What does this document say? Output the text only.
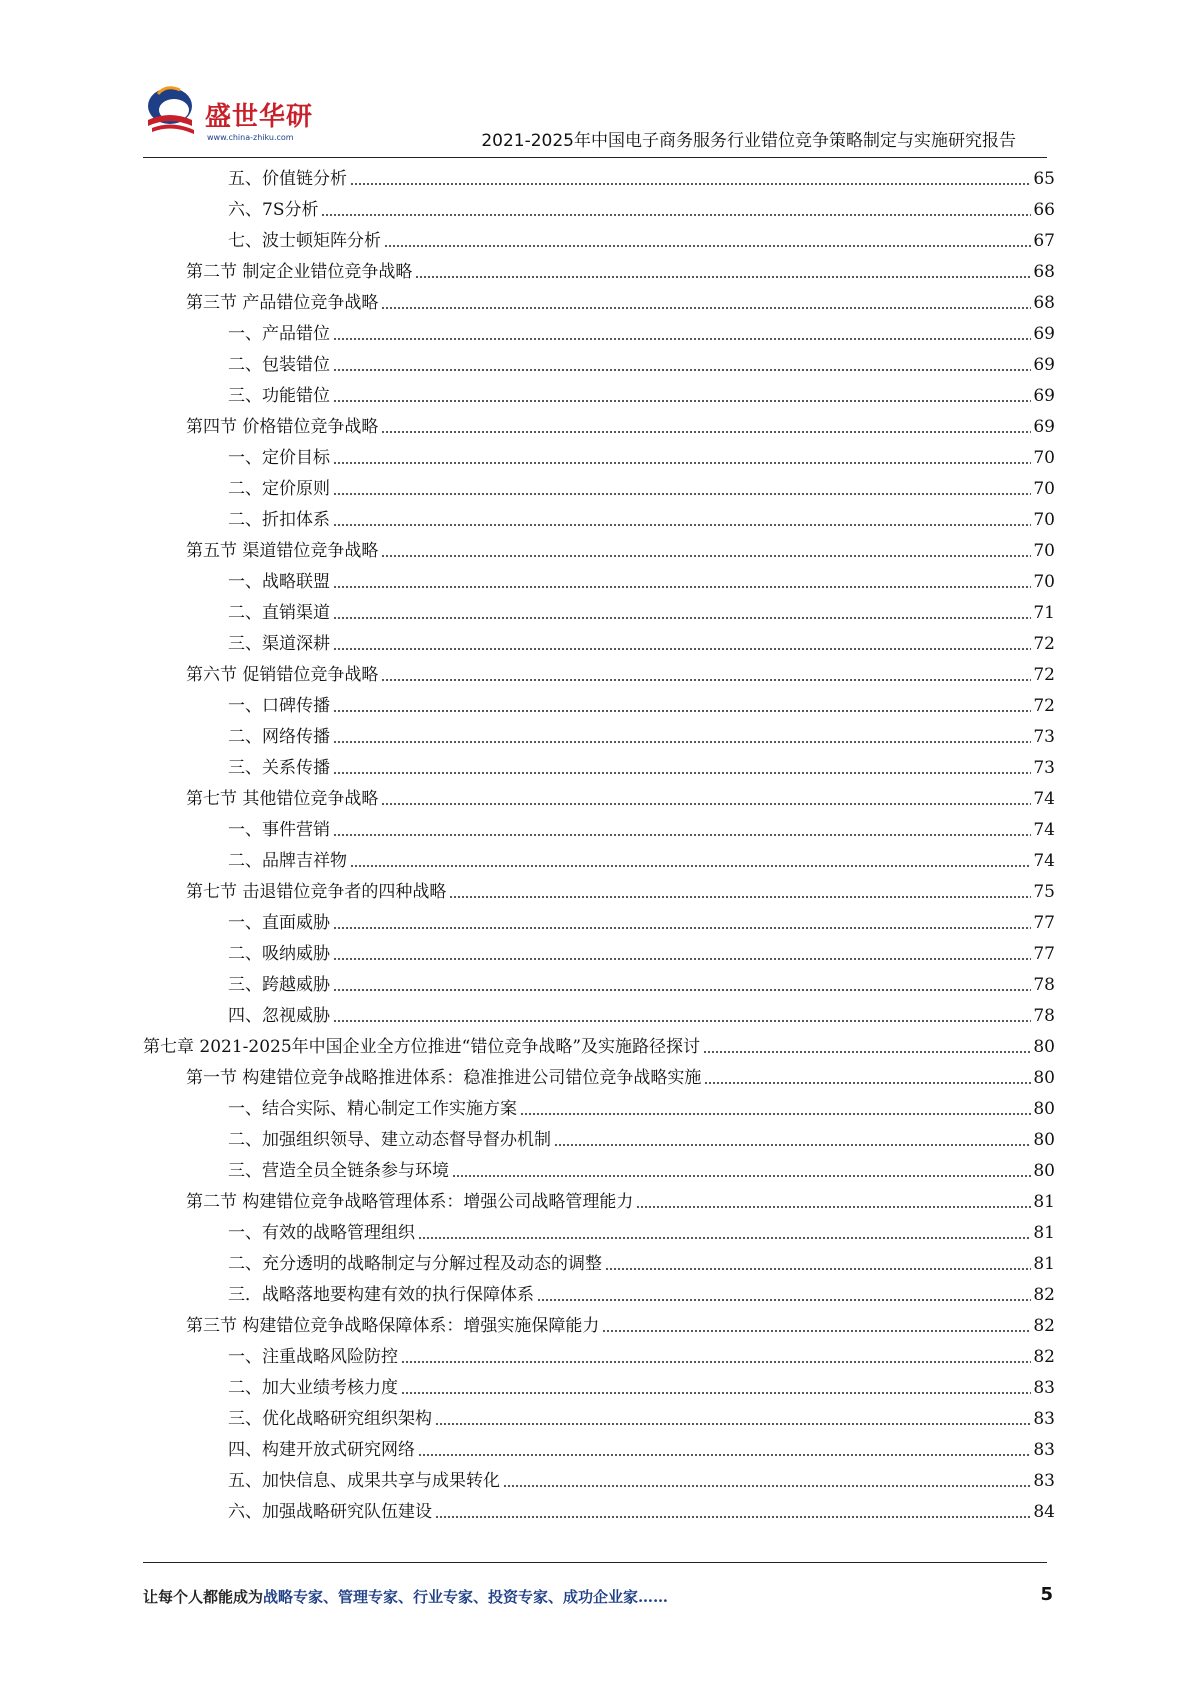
盛世华研
www.china-zhiku.com	2021-2025年中国电子商务服务行业错位竞争策略制定与实施研究报告
五、价值链分析	65
六、7S分析	66
七、波士顿矩阵分析	67
第二节 制定企业错位竞争战略	68
第三节 产品错位竞争战略	68
一、产品错位	69
二、包装错位	69
三、功能错位	69
第四节 价格错位竞争战略	69
一、定价目标	70
二、定价原则	70
二、折扣体系	70
第五节 渠道错位竞争战略	70
一、战略联盟	70
二、直销渠道	71
三、渠道深耕	72
第六节 促销错位竞争战略	72
一、口碑传播	72
二、网络传播	73
三、关系传播	73
第七节 其他错位竞争战略	74
一、事件营销	74
二、品牌吉祥物	74
第七节 击退错位竞争者的四种战略	75
一、直面威胁	77
二、吸纳威胁	77
三、跨越威胁	78
四、忽视威胁	78
第七章 2021-2025年中国企业全方位推进“错位竞争战略”及实施路径探讨	80
第一节 构建错位竞争战略推进体系：稳准推进公司错位竞争战略实施	80
一、结合实际、精心制定工作实施方案	80
二、加强组织领导、建立动态督导督办机制	80
三、营造全员全链条参与环境	80
第二节 构建错位竞争战略管理体系：增强公司战略管理能力	81
一、有效的战略管理组织	81
二、充分透明的战略制定与分解过程及动态的调整	81
三．战略落地要构建有效的执行保障体系	82
第三节 构建错位竞争战略保障体系：增强实施保障能力	82
一、注重战略风险防控	82
二、加大业绩考核力度	83
三、优化战略研究组织架构	83
四、构建开放式研究网络	83
五、加快信息、成果共享与成果转化	83
六、加强战略研究队伍建设	84
让每个人都能成为战略专家、管理专家、行业专家、投资专家、成功企业家……	5
